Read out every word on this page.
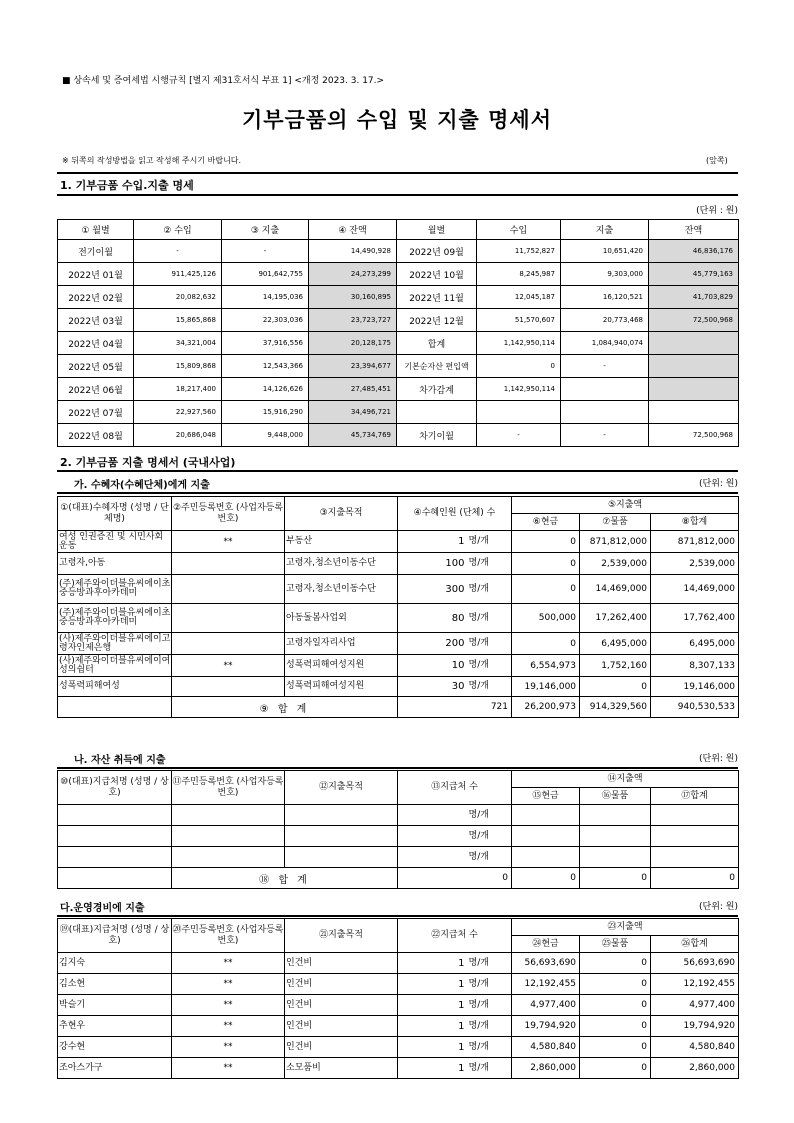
■ 상속세 및 증여세법 시행규칙 [별지 제31호서식 부표 1] <개정 2023. 3. 17.>
기부금품의 수입 및 지출 명세서
※ 뒤쪽의 작성방법을 읽고 작성해 주시기 바랍니다.	(앞쪽)
1. 기부금품 수입.지출 명세
(단위 : 원)
① 월별	② 수입	③ 지출	④ 잔액	월별	수입	지출	잔액
전기이월	-	-	14,490,928	2022년 09월	11,752,827	10,651,420	46,836,176
2022년 01월	911,425,126	901,642,755	24,273,299	2022년 10월	8,245,987	9,303,000	45,779,163
2022년 02월	20,082,632	14,195,036	30,160,895	2022년 11월	12,045,187	16,120,521	41,703,829
2022년 03월	15,865,868	22,303,036	23,723,727	2022년 12월	51,570,607	20,773,468	72,500,968
2022년 04월	34,321,004	37,916,556	20,128,175	합계	1,142,950,114	1,084,940,074	
2022년 05월	15,809,868	12,543,366	23,394,677	기본순자산 편입액	0	-	
2022년 06월	18,217,400	14,126,626	27,485,451	차가감계	1,142,950,114		
2022년 07월	22,927,560	15,916,290	34,496,721				
2022년 08월	20,686,048	9,448,000	45,734,769	차기이월	-	-	72,500,968
2. 기부금품 지출 명세서 (국내사업)
가. 수혜자(수혜단체)에게 지출	(단위: 원)
①(대표)수혜자명 (성명 / 단체명)	②주민등록번호 (사업자등록번호)	③지출목적	④수혜인원 (단체) 수		⑤지출액		
					⑥현금	⑦물품	⑧합계
여성 인권증진 및 시민사회운동	**	부동산	1	명/개	0	871,812,000	871,812,000
고령자,아동		고령자,청소년이동수단	100	명/개	0	2,539,000	2,539,000
(주)제주와이더블유씨에이초중등방과후아카데미		고령자,청소년이동수단	300	명/개	0	14,469,000	14,469,000
(주)제주와이더블유씨에이초중등방과후아카데미		아동돌봄사업외	80	명/개	500,000	17,262,400	17,762,400
(사)제주와이더블유씨에이고령자인제은행		고령자일자리사업	200	명/개	0	6,495,000	6,495,000
(사)제주와이더블유씨에이여성의쉼터	**	성폭력피해여성지원	10	명/개	6,554,973	1,752,160	8,307,133
성폭력피해여성		성폭력피해여성지원	30	명/개	19,146,000	0	19,146,000
	⑨ 합 계		721		26,200,973	914,329,560	940,530,533
나. 자산 취득에 지출	(단위: 원)
⑩(대표)지급처명 (성명 / 상호)	⑪주민등록번호 (사업자등록번호)	⑫지출목적	⑬지급처 수		⑭지출액		
					⑮현금	⑯물품	⑰합계
				명/개			
				명/개			
				명/개			
	⑱ 합 계		0		0	0	0
다.운영경비에 지출	(단위: 원)
⑲(대표)지급처명 (성명 / 상호)	⑳주민등록번호 (사업자등록번호)	㉑지출목적	㉒지급처 수		㉓지출액		
					㉔현금	㉕물품	㉖합계
김지숙	**	인건비	1	명/개	56,693,690	0	56,693,690
김소현	**	인건비	1	명/개	12,192,455	0	12,192,455
박슬기	**	인건비	1	명/개	4,977,400	0	4,977,400
추현우	**	인건비	1	명/개	19,794,920	0	19,794,920
강수현	**	인건비	1	명/개	4,580,840	0	4,580,840
조아스가구	**	소모품비	1	명/개	2,860,000	0	2,860,000
